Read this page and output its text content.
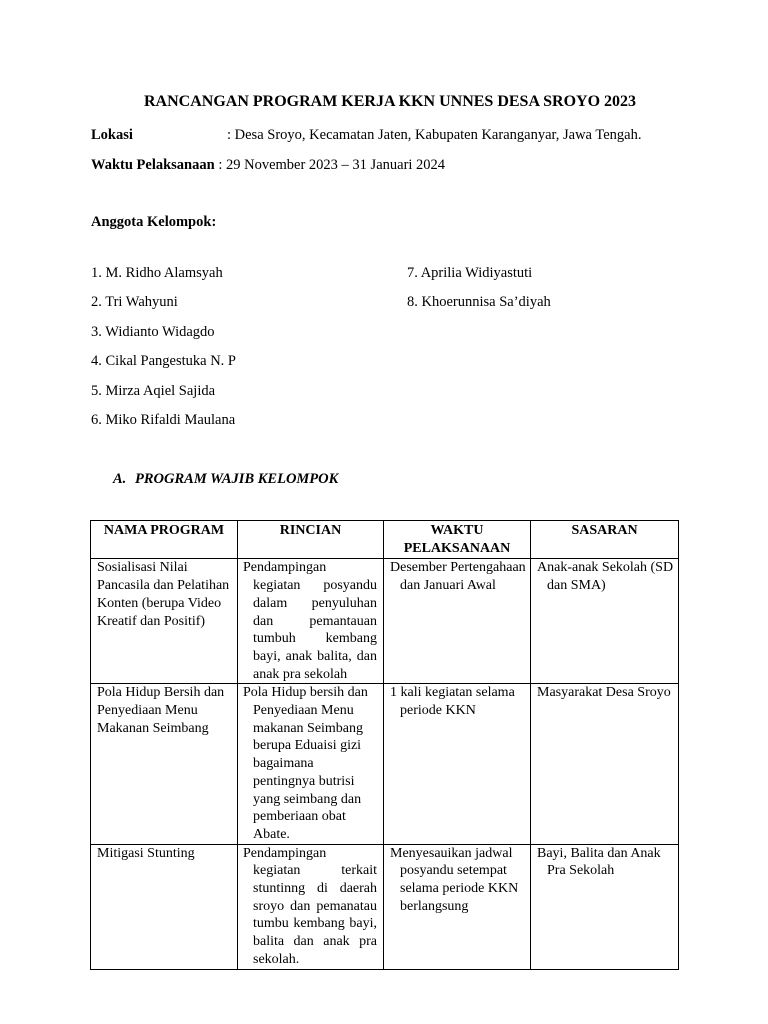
RANCANGAN PROGRAM KERJA KKN UNNES DESA SROYO 2023
Lokasi	: Desa Sroyo, Kecamatan Jaten, Kabupaten Karanganyar, Jawa Tengah.
Waktu Pelaksanaan : 29 November 2023 – 31 Januari 2024
Anggota Kelompok:
1. M. Ridho Alamsyah
2. Tri Wahyuni
3. Widianto Widagdo
4. Cikal Pangestuka N. P
5. Mirza Aqiel Sajida
6. Miko Rifaldi Maulana
7. Aprilia Widiyastuti
8. Khoerunnisa Sa’diyah
A. PROGRAM WAJIB KELOMPOK
NAMA PROGRAM	RINCIAN	WAKTU PELAKSANAAN	SASARAN
Sosialisasi Nilai Pancasila dan Pelatihan Konten (berupa Video Kreatif dan Positif)	Pendampingan kegiatan posyandu dalam penyuluhan dan pemantauan tumbuh kembang bayi, anak balita, dan anak pra sekolah	Desember Pertengahaan dan Januari Awal	Anak-anak Sekolah (SD dan SMA)

Pola Hidup Bersih dan Penyediaan Menu Makanan Seimbang	Pola Hidup bersih dan Penyediaan Menu makanan Seimbang berupa Eduaisi gizi bagaimana pentingnya butrisi yang seimbang dan pemberiaan obat Abate.	1 kali kegiatan selama periode KKN	Masyarakat Desa Sroyo

Mitigasi Stunting	Pendampingan kegiatan terkait stuntinng di daerah sroyo dan pemanatau tumbu kembang bayi, balita dan anak pra sekolah.	Menyesauikan jadwal posyandu setempat selama periode KKN berlangsung	Bayi, Balita dan Anak Pra Sekolah
